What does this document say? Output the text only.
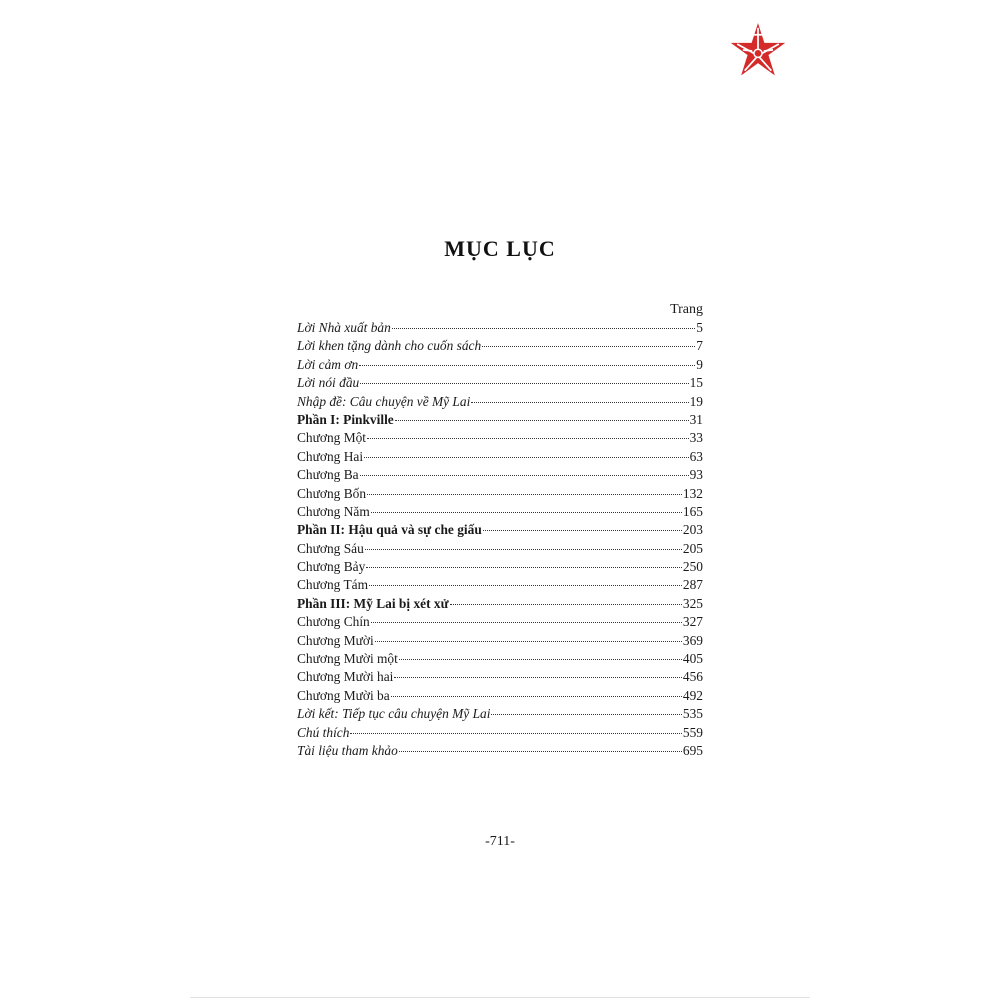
MỤC LỤC
Trang
Lời Nhà xuất bản	5
Lời khen tặng dành cho cuốn sách	7
Lời cảm ơn	9
Lời nói đầu	15
Nhập đề: Câu chuyện về Mỹ Lai	19
Phần I: Pinkville	31
Chương Một	33
Chương Hai	63
Chương Ba	93
Chương Bốn	132
Chương Năm	165
Phần II: Hậu quả và sự che giấu	203
Chương Sáu	205
Chương Bảy	250
Chương Tám	287
Phần III: Mỹ Lai bị xét xử	325
Chương Chín	327
Chương Mười	369
Chương Mười một	405
Chương Mười hai	456
Chương Mười ba	492
Lời kết: Tiếp tục câu chuyện Mỹ Lai	535
Chú thích	559
Tài liệu tham khảo	695
-711-
